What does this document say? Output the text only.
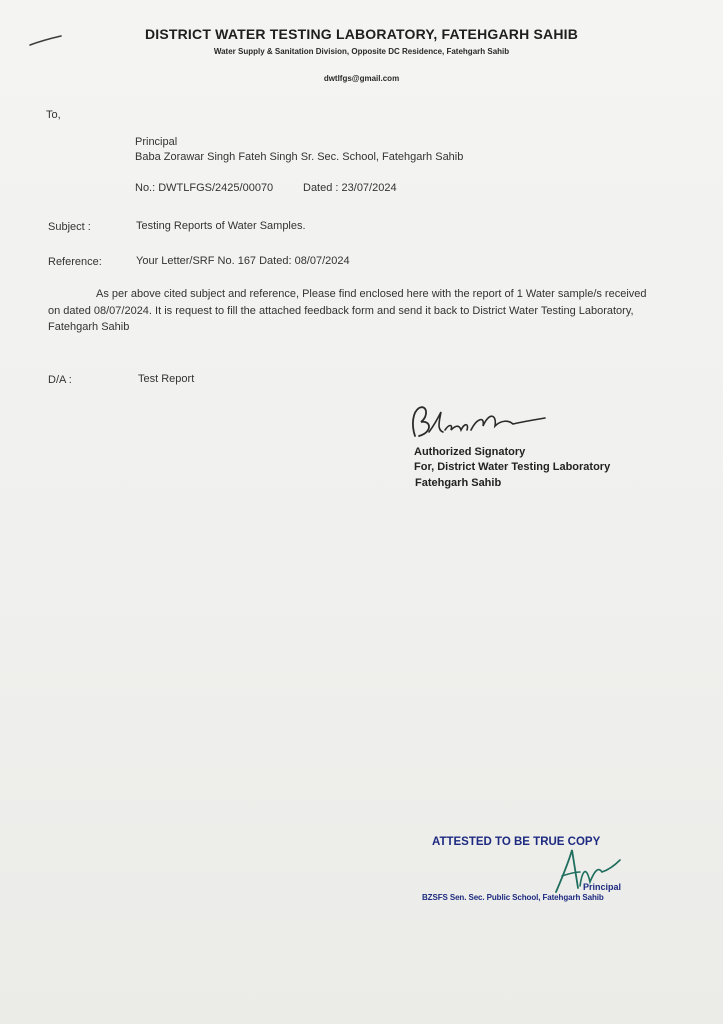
DISTRICT WATER TESTING LABORATORY, FATEHGARH SAHIB
Water Supply & Sanitation Division, Opposite DC Residence, Fatehgarh Sahib
dwtlfgs@gmail.com
To,
Principal
Baba Zorawar Singh Fateh Singh Sr. Sec. School, Fatehgarh Sahib
No.: DWTLFGS/2425/00070	Dated : 23/07/2024
Subject :	Testing Reports of Water Samples.
Reference:	Your Letter/SRF No. 167 Dated: 08/07/2024

As per above cited subject and reference, Please find enclosed here with the report of 1 Water sample/s received on dated 08/07/2024. It is request to fill the attached feedback form and send it back to District Water Testing Laboratory, Fatehgarh Sahib

D/A :	Test Report
Authorized Signatory
For, District Water Testing Laboratory
Fatehgarh Sahib
ATTESTED TO BE TRUE COPY
Principal
BZSFS Sen. Sec. Public School, Fatehgarh Sahib
